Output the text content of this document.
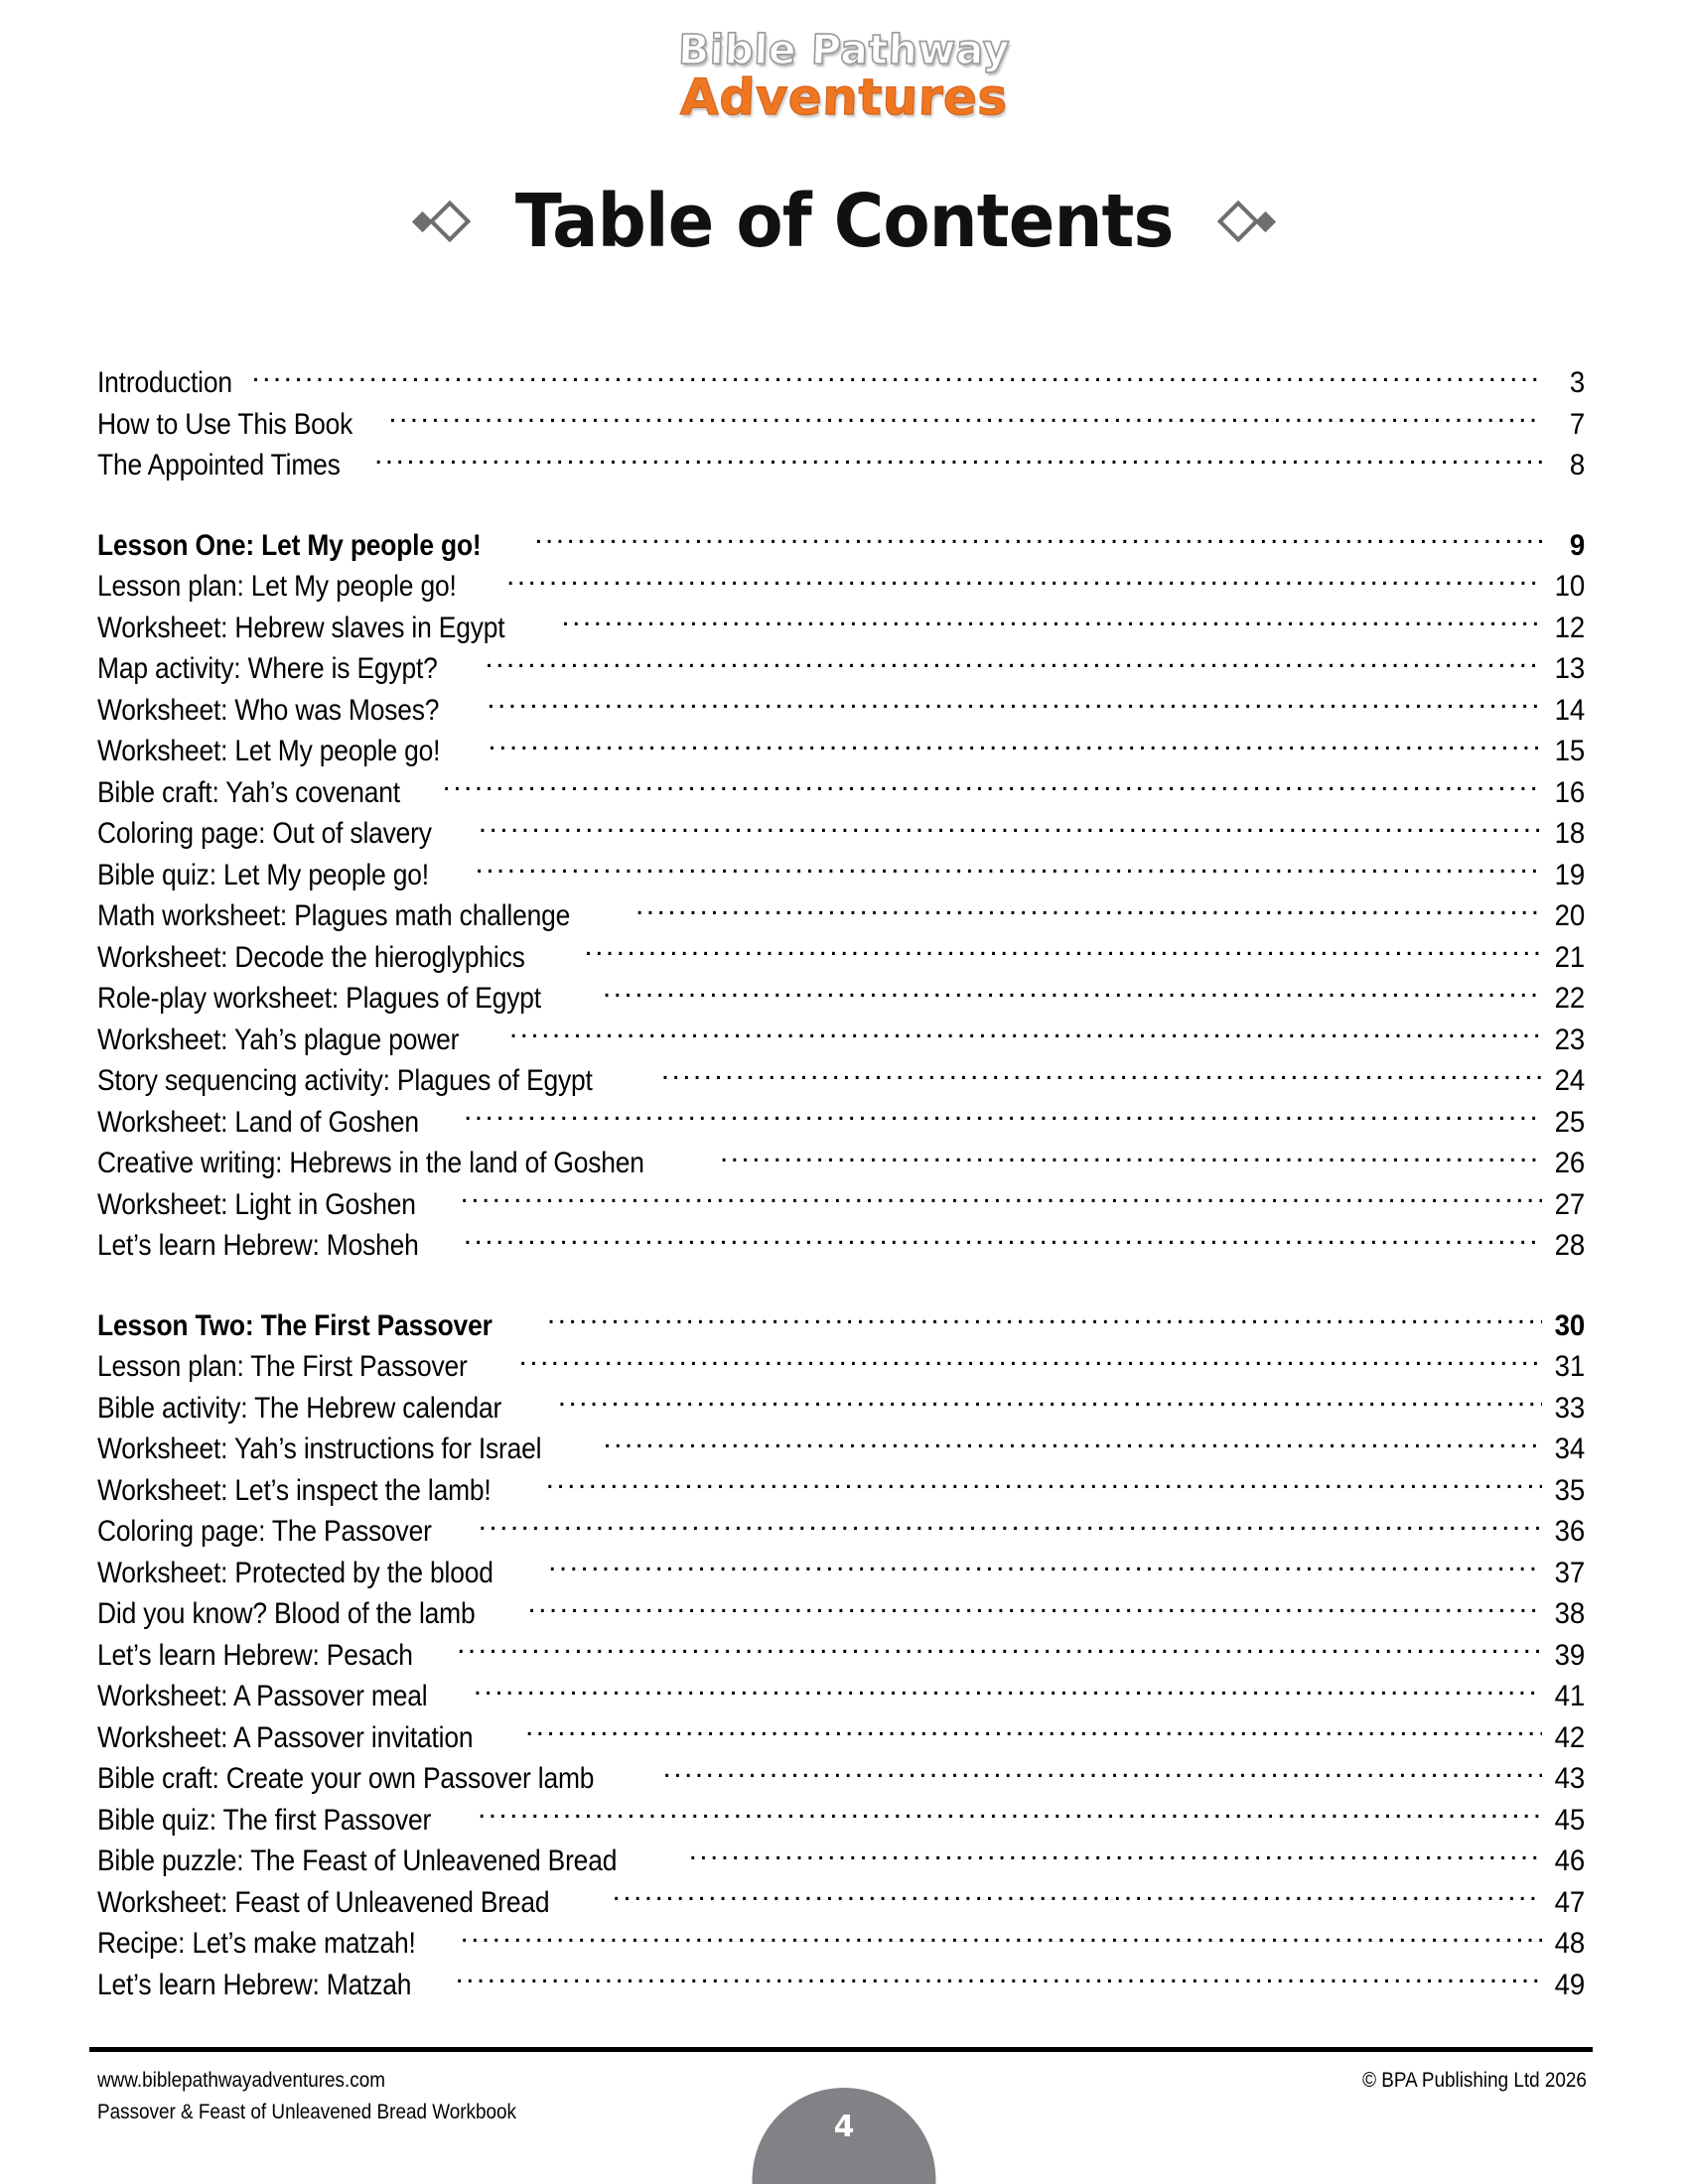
Bible Pathway
Adventures
Table of Contents
Introduction .....	3
How to Use This Book .....	7
The Appointed Times .....	8
Lesson One: Let My people go! .....	9
Lesson plan: Let My people go! .....	10
Worksheet: Hebrew slaves in Egypt .....	12
Map activity: Where is Egypt? .....	13
Worksheet: Who was Moses? .....	14
Worksheet: Let My people go! .....	15
Bible craft: Yah’s covenant .....	16
Coloring page: Out of slavery .....	18
Bible quiz: Let My people go! .....	19
Math worksheet: Plagues math challenge .....	20
Worksheet: Decode the hieroglyphics .....	21
Role-play worksheet: Plagues of Egypt .....	22
Worksheet: Yah’s plague power .....	23
Story sequencing activity: Plagues of Egypt .....	24
Worksheet: Land of Goshen .....	25
Creative writing: Hebrews in the land of Goshen .....	26
Worksheet: Light in Goshen .....	27
Let’s learn Hebrew: Mosheh .....	28
Lesson Two: The First Passover .....	30
Lesson plan: The First Passover .....	31
Bible activity: The Hebrew calendar .....	33
Worksheet: Yah’s instructions for Israel .....	34
Worksheet: Let’s inspect the lamb! .....	35
Coloring page: The Passover .....	36
Worksheet: Protected by the blood .....	37
Did you know? Blood of the lamb .....	38
Let’s learn Hebrew: Pesach .....	39
Worksheet: A Passover meal .....	41
Worksheet: A Passover invitation .....	42
Bible craft: Create your own Passover lamb .....	43
Bible quiz: The first Passover .....	45
Bible puzzle: The Feast of Unleavened Bread .....	46
Worksheet: Feast of Unleavened Bread .....	47
Recipe: Let’s make matzah! .....	48
Let’s learn Hebrew: Matzah .....	49
www.biblepathwayadventures.com
Passover & Feast of Unleavened Bread Workbook
© BPA Publishing Ltd 2026
4
